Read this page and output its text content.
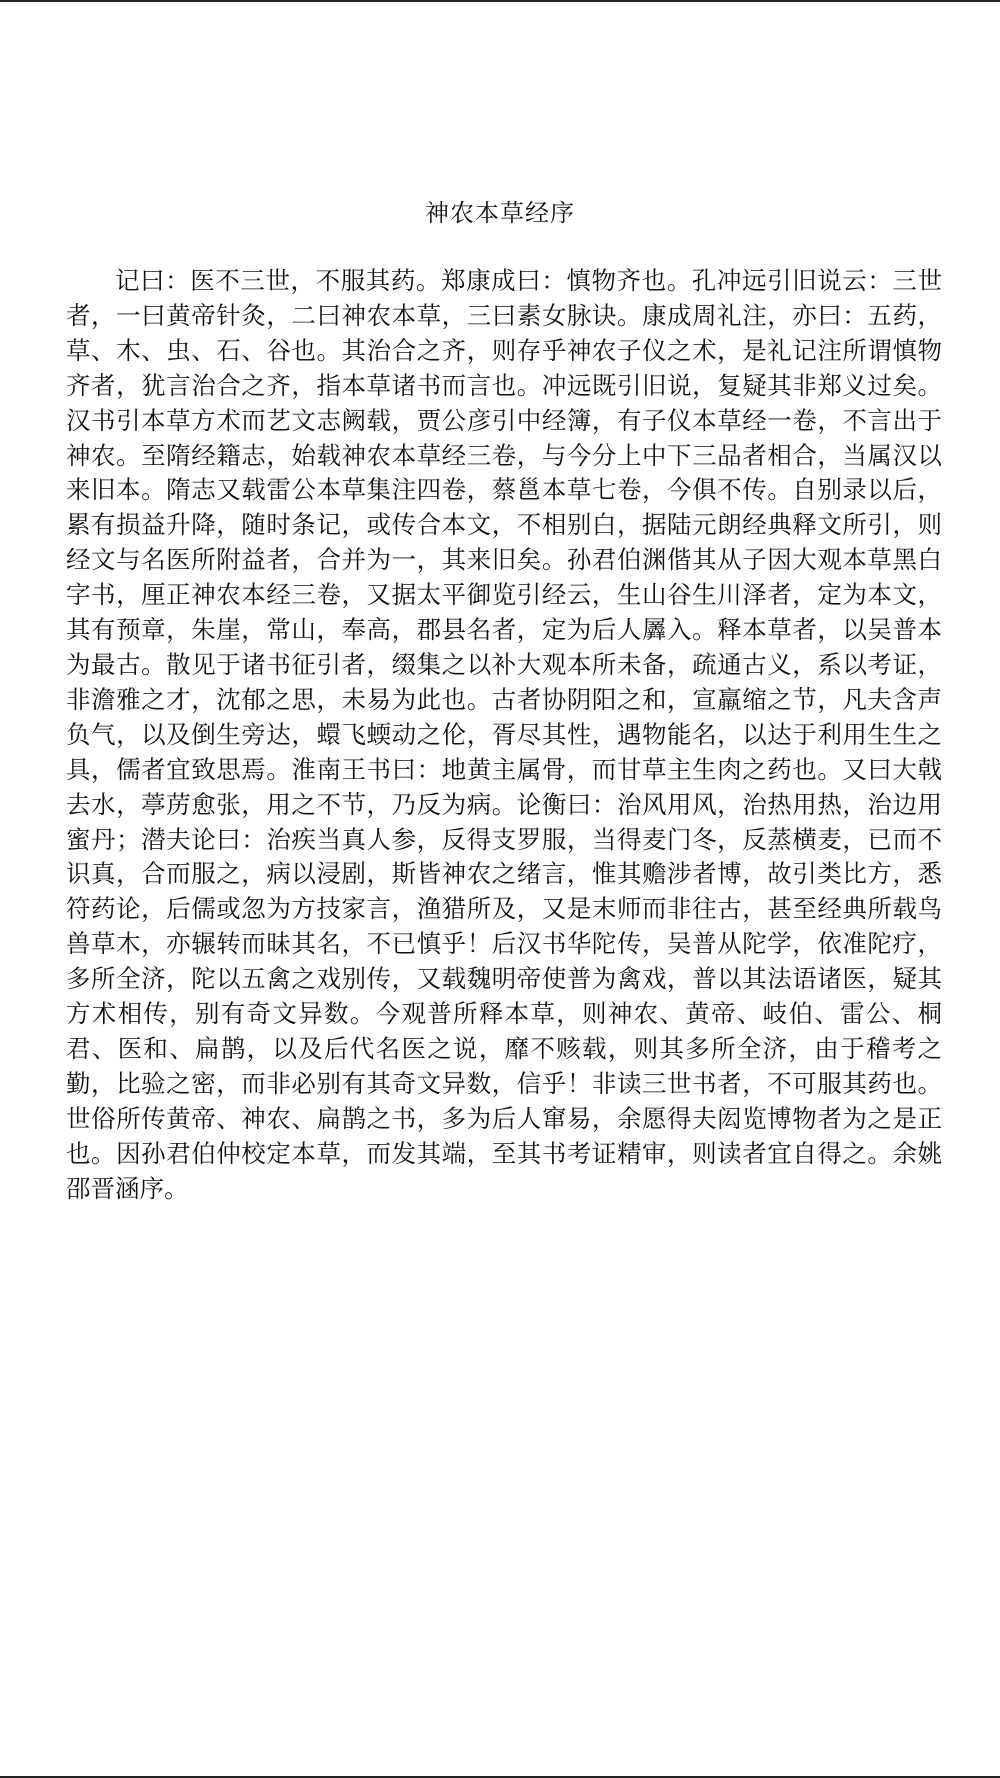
神农本草经序

记曰：医不三世，不服其药。郑康成曰：慎物齐也。孔冲远引旧说云：三世者，一曰黄帝针灸，二曰神农本草，三曰素女脉诀。康成周礼注，亦曰：五药，草、木、虫、石、谷也。其治合之齐，则存乎神农子仪之术，是礼记注所谓慎物齐者，犹言治合之齐，指本草诸书而言也。冲远既引旧说，复疑其非郑义过矣。汉书引本草方术而艺文志阙载，贾公彦引中经簿，有子仪本草经一卷，不言出于神农。至隋经籍志，始载神农本草经三卷，与今分上中下三品者相合，当属汉以来旧本。隋志又载雷公本草集注四卷，蔡邕本草七卷，今俱不传。自别录以后，累有损益升降，随时条记，或传合本文，不相别白，据陆元朗经典释文所引，则经文与名医所附益者，合并为一，其来旧矣。孙君伯渊偕其从子因大观本草黑白字书，厘正神农本经三卷，又据太平御览引经云，生山谷生川泽者，定为本文，其有预章，朱崖，常山，奉高，郡县名者，定为后人羼入。释本草者，以吴普本为最古。散见于诸书征引者，缀集之以补大观本所未备，疏通古义，系以考证，非澹雅之才，沈郁之思，未易为此也。古者协阴阳之和，宣羸缩之节，凡夫含声负气，以及倒生旁达，蠉飞蝡动之伦，胥尽其性，遇物能名，以达于利用生生之具，儒者宜致思焉。淮南王书曰：地黄主属骨，而甘草主生肉之药也。又曰大戟去水，葶苈愈张，用之不节，乃反为病。论衡曰：治风用风，治热用热，治边用蜜丹；潜夫论曰：治疾当真人参，反得支罗服，当得麦门冬，反蒸横麦，已而不识真，合而服之，病以浸剧，斯皆神农之绪言，惟其赡涉者博，故引类比方，悉符药论，后儒或忽为方技家言，渔猎所及，又是末师而非往古，甚至经典所载鸟兽草木，亦辗转而昧其名，不已慎乎！后汉书华陀传，吴普从陀学，依准陀疗，多所全济，陀以五禽之戏别传，又载魏明帝使普为禽戏，普以其法语诸医，疑其方术相传，别有奇文异数。今观普所释本草，则神农、黄帝、岐伯、雷公、桐君、医和、扁鹊，以及后代名医之说，靡不赅载，则其多所全济，由于稽考之勤，比验之密，而非必别有其奇文异数，信乎！非读三世书者，不可服其药也。世俗所传黄帝、神农、扁鹊之书，多为后人窜易，余愿得夫闳览博物者为之是正也。因孙君伯仲校定本草，而发其端，至其书考证精审，则读者宜自得之。余姚邵晋涵序。
